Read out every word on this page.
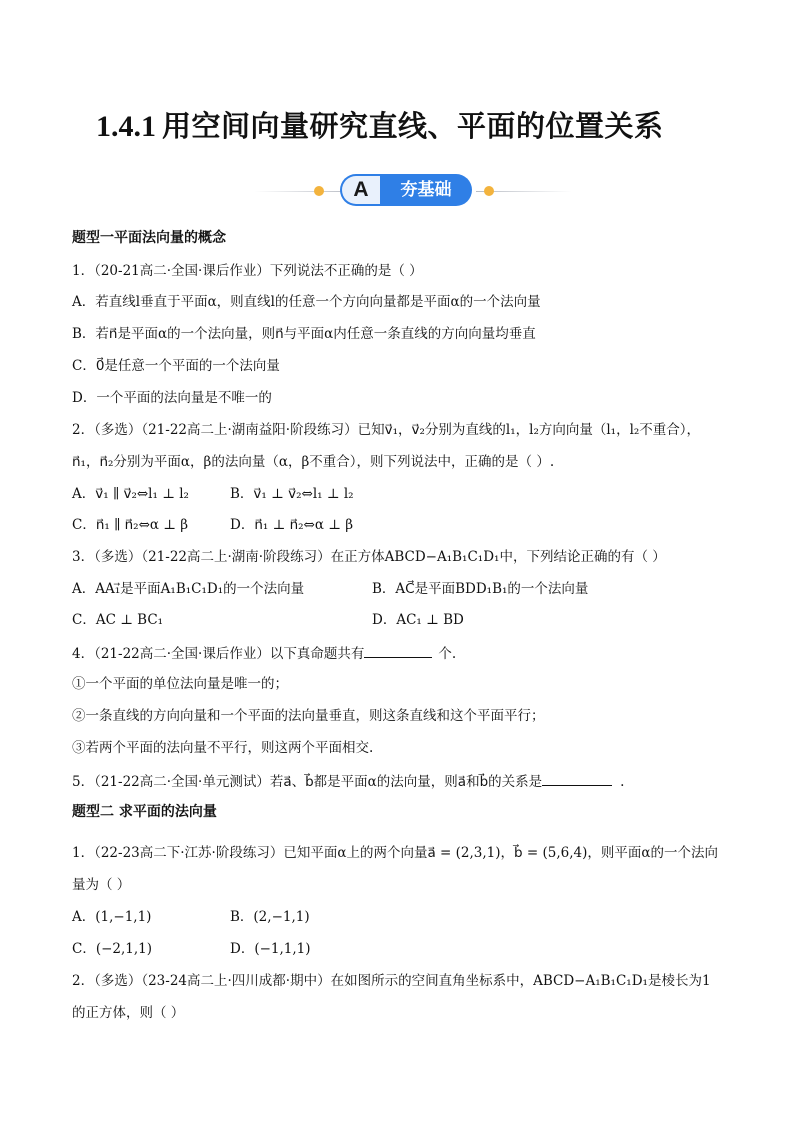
1.4.1 用空间向量研究直线、平面的位置关系
A	夯基础
题型一平面法向量的概念
1．（20-21高二·全国·课后作业）下列说法不正确的是（ ）
A．若直线l垂直于平面α，则直线l的任意一个方向向量都是平面α的一个法向量
B．若n⃗是平面α的一个法向量，则n⃗与平面α内任意一条直线的方向向量均垂直
C．0⃗是任意一个平面的一个法向量
D．一个平面的法向量是不唯一的
2．（多选）（21-22高二上·湖南益阳·阶段练习）已知v⃗₁，v⃗₂分别为直线的l₁，l₂方向向量（l₁，l₂不重合），
n⃗₁，n⃗₂分别为平面α，β的法向量（α，β不重合），则下列说法中，正确的是（ ）.
A．v⃗₁ ∥ v⃗₂⇔l₁ ⊥ l₂	B．v⃗₁ ⊥ v⃗₂⇔l₁ ⊥ l₂
C．n⃗₁ ∥ n⃗₂⇔α ⊥ β	D．n⃗₁ ⊥ n⃗₂⇔α ⊥ β
3．（多选）（21-22高二上·湖南·阶段练习）在正方体ABCD−A₁B₁C₁D₁中，下列结论正确的有（ ）
A．AA₁⃗是平面A₁B₁C₁D₁的一个法向量	B．AC⃗是平面BDD₁B₁的一个法向量
C．AC ⊥ BC₁	D．AC₁ ⊥ BD
4．（21-22高二·全国·课后作业）以下真命题共有	个.
①一个平面的单位法向量是唯一的；
②一条直线的方向向量和一个平面的法向量垂直，则这条直线和这个平面平行；
③若两个平面的法向量不平行，则这两个平面相交.
5．（21-22高二·全国·单元测试）若a⃗、b⃗都是平面α的法向量，则a⃗和b⃗的关系是	.
题型二 求平面的法向量
1．（22-23高二下·江苏·阶段练习）已知平面α上的两个向量a⃗ = (2,3,1)，b⃗ = (5,6,4)，则平面α的一个法向
量为（ ）
A．(1,−1,1)	B．(2,−1,1)
C．(−2,1,1)	D．(−1,1,1)
2．（多选）（23-24高二上·四川成都·期中）在如图所示的空间直角坐标系中，ABCD−A₁B₁C₁D₁是棱长为1
的正方体，则（ ）
